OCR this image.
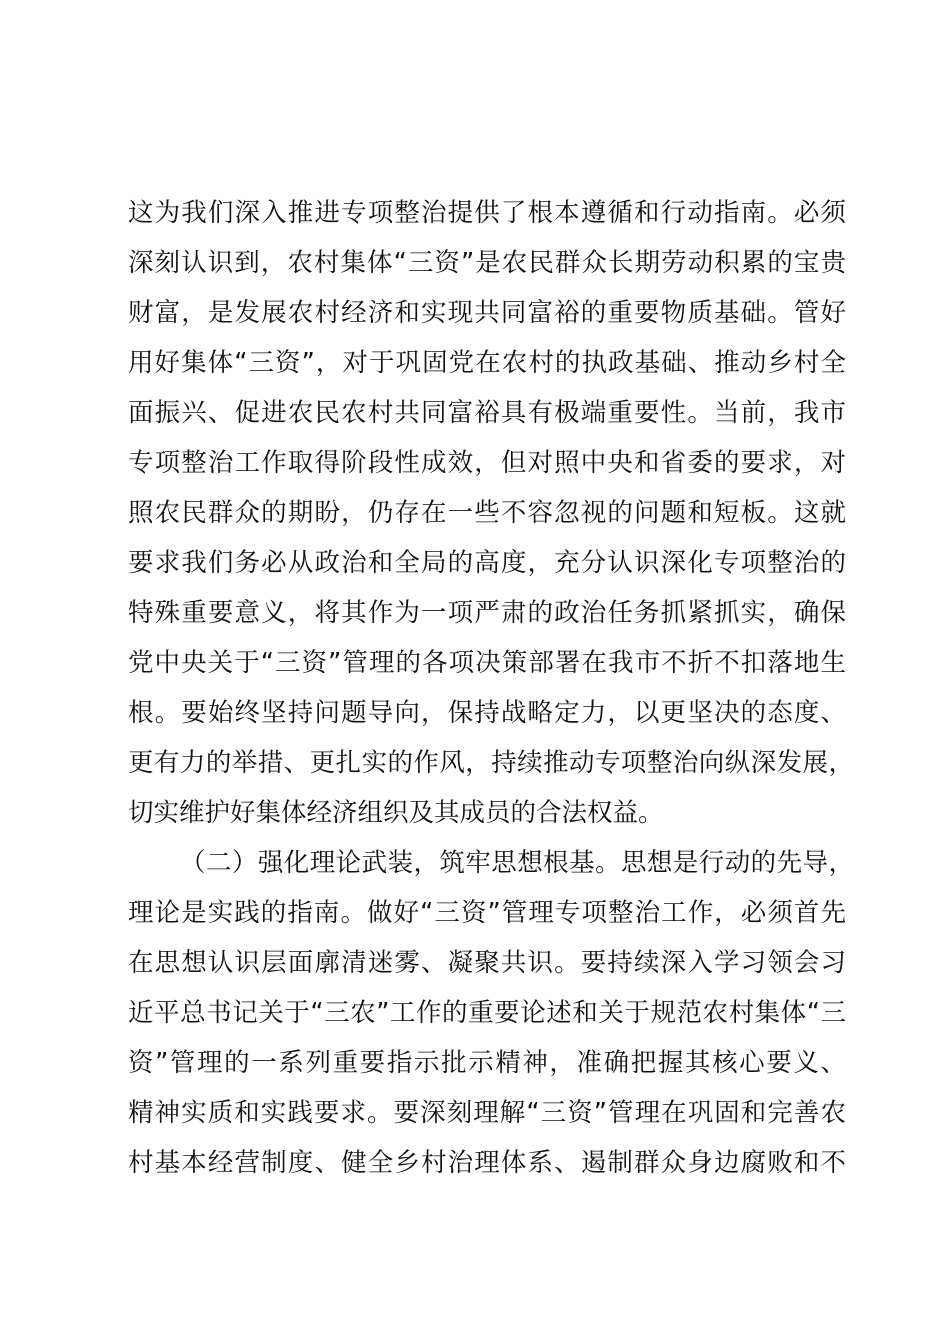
这为我们深入推进专项整治提供了根本遵循和行动指南。必须
深刻认识到，农村集体“三资”是农民群众长期劳动积累的宝贵
财富，是发展农村经济和实现共同富裕的重要物质基础。管好
用好集体“三资”，对于巩固党在农村的执政基础、推动乡村全
面振兴、促进农民农村共同富裕具有极端重要性。当前，我市
专项整治工作取得阶段性成效，但对照中央和省委的要求，对
照农民群众的期盼，仍存在一些不容忽视的问题和短板。这就
要求我们务必从政治和全局的高度，充分认识深化专项整治的
特殊重要意义，将其作为一项严肃的政治任务抓紧抓实，确保
党中央关于“三资”管理的各项决策部署在我市不折不扣落地生
根。要始终坚持问题导向，保持战略定力，以更坚决的态度、
更有力的举措、更扎实的作风，持续推动专项整治向纵深发展，
切实维护好集体经济组织及其成员的合法权益。
（二）强化理论武装，筑牢思想根基。思想是行动的先导，
理论是实践的指南。做好“三资”管理专项整治工作，必须首先
在思想认识层面廓清迷雾、凝聚共识。要持续深入学习领会习
近平总书记关于“三农”工作的重要论述和关于规范农村集体“三
资”管理的一系列重要指示批示精神，准确把握其核心要义、
精神实质和实践要求。要深刻理解“三资”管理在巩固和完善农
村基本经营制度、健全乡村治理体系、遏制群众身边腐败和不
